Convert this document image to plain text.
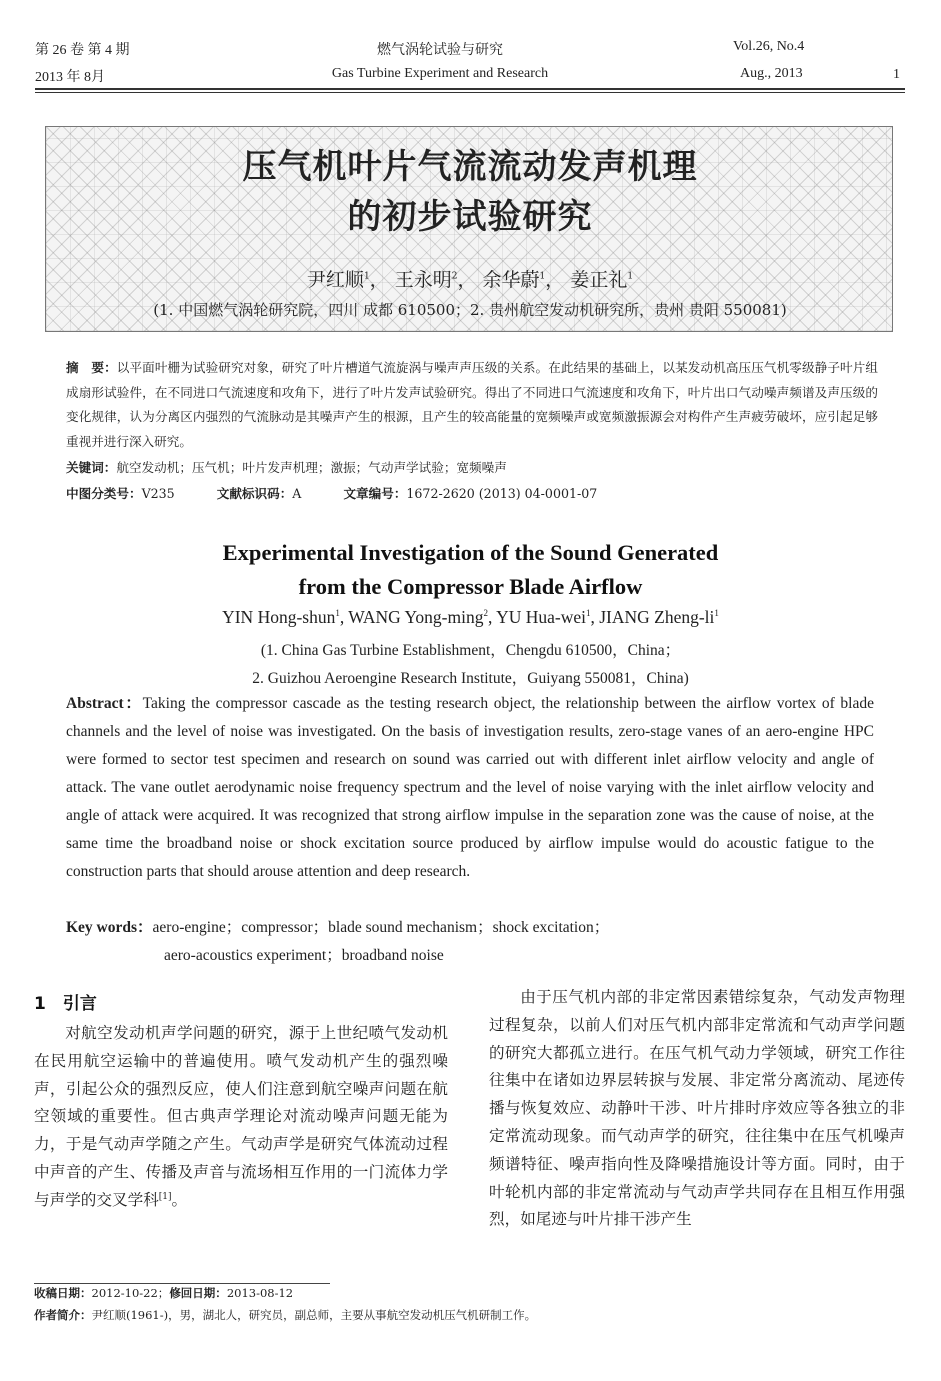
第 26 卷 第 4 期
2013 年 8月
燃气涡轮试验与研究
Gas Turbine Experiment and Research
Vol.26, No.4
Aug., 2013	1
压气机叶片气流流动发声机理
的初步试验研究
尹红顺$^1$， 王永明$^2$， 余华蔚$^1$， 姜正礼$^1$
(1. 中国燃气涡轮研究院，四川 成都 610500；2. 贵州航空发动机研究所，贵州 贵阳 550081)
摘　要：以平面叶栅为试验研究对象，研究了叶片槽道气流旋涡与噪声声压级的关系。在此结果的基础上，以某发动机高压压气机零级静子叶片组成扇形试验件，在不同进口气流速度和攻角下，进行了叶片发声试验研究。得出了不同进口气流速度和攻角下，叶片出口气动噪声频谱及声压级的变化规律，认为分离区内强烈的气流脉动是其噪声产生的根源，且产生的较高能量的宽频噪声或宽频激振源会对构件产生声疲劳破坏，应引起足够重视并进行深入研究。
关键词：航空发动机；压气机；叶片发声机理；激振；气动声学试验；宽频噪声
中图分类号：V235	文献标识码：A	文章编号：1672-2620 (2013) 04-0001-07
Experimental Investigation of the Sound Generated
from the Compressor Blade Airflow
YIN Hong-shun$^1$, WANG Yong-ming$^2$, YU Hua-wei$^1$, JIANG Zheng-$li^1$
(1. China Gas Turbine Establishment，Chengdu 610500，China；
2. Guizhou Aeroengine Research Institute，Guiyang 550081，China)

Abstract：Taking the compressor cascade as the testing research object, the relationship between the airflow vortex of blade channels and the level of noise was investigated. On the basis of investigation results, zero-stage vanes of an aero-engine HPC were formed to sector test specimen and research on sound was carried out with different inlet airflow velocity and angle of attack. The vane outlet aerodynamic noise frequency spectrum and the level of noise varying with the inlet airflow velocity and angle of attack were acquired. It was recognized that strong airflow impulse in the separation zone was the cause of noise, at the same time the broadband noise or shock excitation source produced by airflow impulse would do acoustic fatigue to the construction parts that should arouse attention and deep research.

Key words：aero-engine；compressor；blade sound mechanism；shock excitation；

aero-acoustics experiment；broadband noise

1　引言

对航空发动机声学问题的研究，源于上世纪喷气发动机在民用航空运输中的普遍使用。喷气发动机产生的强烈噪声，引起公众的强烈反应，使人们注意到航空噪声问题在航空领域的重要性。但古典声学理论对流动噪声问题无能为力，于是气动声学随之产生。气动声学是研究气体流动过程中声音的产生、传播及声音与流场相互作用的一门流体力学与声学的交叉学科[1]。

由于压气机内部的非定常因素错综复杂，气动发声物理过程复杂，以前人们对压气机内部非定常流和气动声学问题的研究大都孤立进行。在压气机气动力学领域，研究工作往往集中在诸如边界层转捩与发展、非定常分离流动、尾迹传播与恢复效应、动静叶干涉、叶片排时序效应等各独立的非定常流动现象。而气动声学的研究，往往集中在压气机噪声频谱特征、噪声指向性及降噪措施设计等方面。同时，由于叶轮机内部的非定常流动与气动声学共同存在且相互作用强烈，如尾迹与叶片排干涉产生

收稿日期：2012-10-22；修回日期：2013-08-12
作者简介：尹红顺(1961-)，男，湖北人，研究员，副总师，主要从事航空发动机压气机研制工作。
